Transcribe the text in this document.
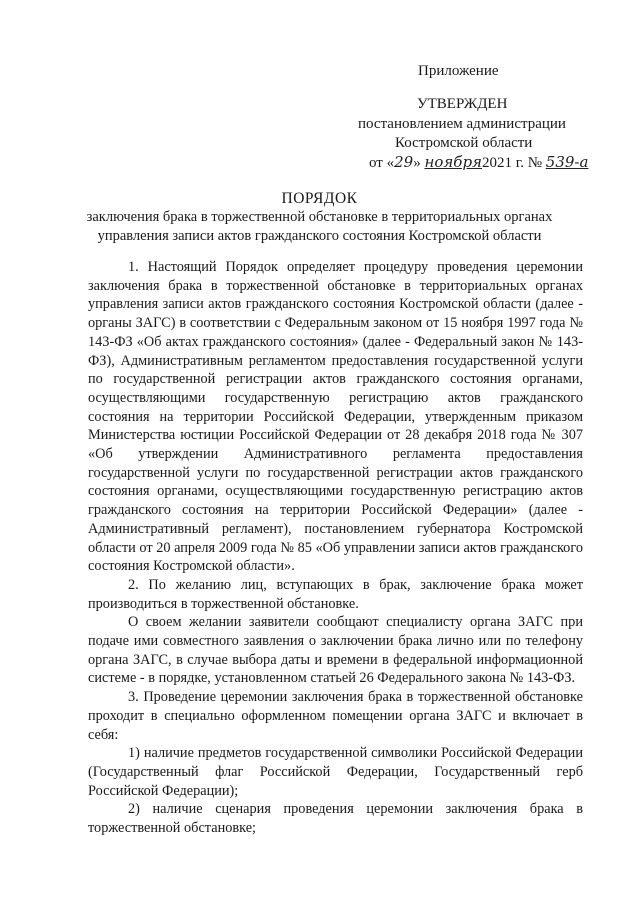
Приложение
УТВЕРЖДЕН
постановлением администрации
Костромской области
от «29» ноября2021 г. № 539-а
ПОРЯДОК
заключения брака в торжественной обстановке в территориальных органах
управления записи актов гражданского состояния Костромской области

1. Настоящий Порядок определяет процедуру проведения церемонии заключения брака в торжественной обстановке в территориальных органах управления записи актов гражданского состояния Костромской области (далее - органы ЗАГС) в соответствии с Федеральным законом от 15 ноября 1997 года № 143-ФЗ «Об актах гражданского состояния» (далее - Федеральный закон № 143-ФЗ), Административным регламентом предоставления государственной услуги по государственной регистрации актов гражданского состояния органами, осуществляющими государственную регистрацию актов гражданского состояния на территории Российской Федерации, утвержденным приказом Министерства юстиции Российской Федерации от 28 декабря 2018 года № 307 «Об утверждении Административного регламента предоставления государственной услуги по государственной регистрации актов гражданского состояния органами, осуществляющими государственную регистрацию актов гражданского состояния на территории Российской Федерации» (далее - Административный регламент), постановлением губернатора Костромской области от 20 апреля 2009 года № 85 «Об управлении записи актов гражданского состояния Костромской области».

2. По желанию лиц, вступающих в брак, заключение брака может производиться в торжественной обстановке.

О своем желании заявители сообщают специалисту органа ЗАГС при подаче ими совместного заявления о заключении брака лично или по телефону органа ЗАГС, в случае выбора даты и времени в федеральной информационной системе - в порядке, установленном статьей 26 Федерального закона № 143-ФЗ.

3. Проведение церемонии заключения брака в торжественной обстановке проходит в специально оформленном помещении органа ЗАГС и включает в себя:

1) наличие предметов государственной символики Российской Федерации (Государственный флаг Российской Федерации, Государственный герб Российской Федерации);

2) наличие сценария проведения церемонии заключения брака в торжественной обстановке;
